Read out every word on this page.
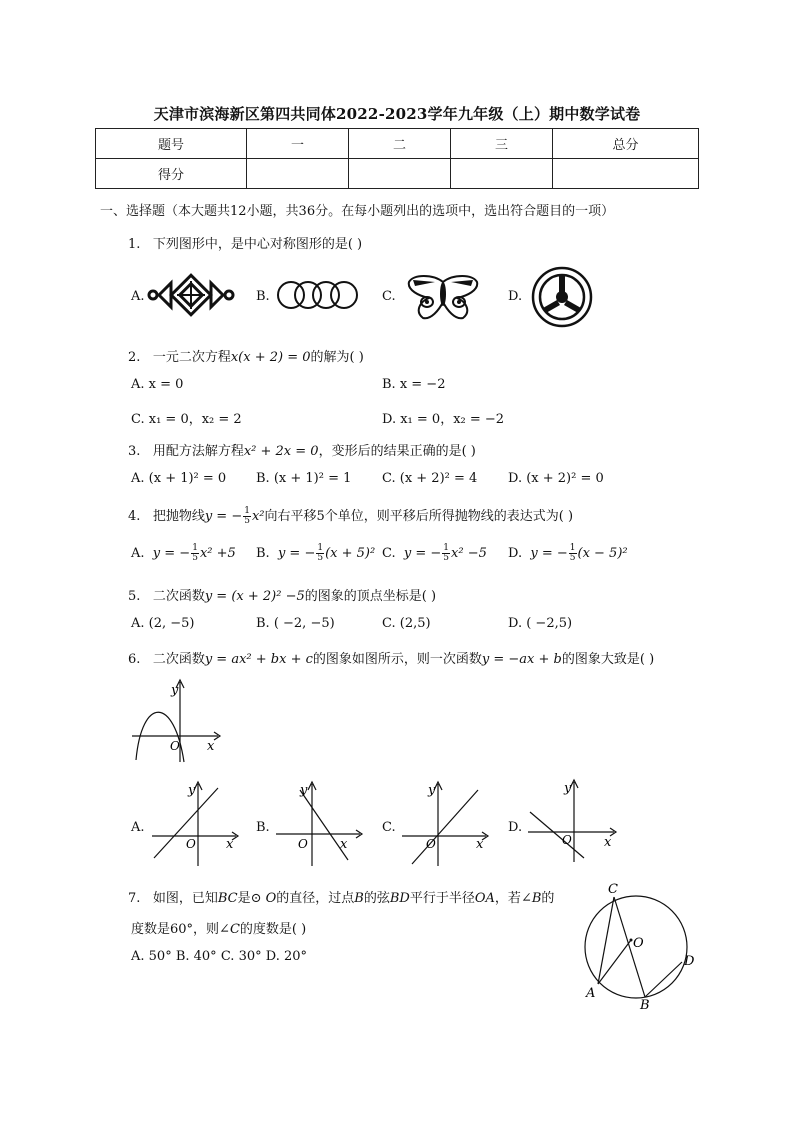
天津市滨海新区第四共同体2022-2023学年九年级（上）期中数学试卷
题号	一	二	三	总分
得分				
一、选择题（本大题共12小题，共36分。在每小题列出的选项中，选出符合题目的一项）
1. 下列图形中，是中心对称图形的是( )
A.	B.	C.	D.
2. 一元二次方程x(x + 2) = 0的解为( )
A. x = 0	B. x = −2
C. x₁ = 0，x₂ = 2	D. x₁ = 0，x₂ = −2
3. 用配方法解方程x² + 2x = 0，变形后的结果正确的是( )
A. (x + 1)² = 0 B. (x + 1)² = 1 C. (x + 2)² = 4 D. (x + 2)² = 0
4. 把抛物线y = − $\frac{1}{5} x^2$向右平移5个单位，则平移后所得抛物线的表达式为( )
A. y = − $\frac{1}{5} x^2 +5$ B. y = − $\frac{1}{5} (x + 5)^2$ C. y = − $\frac{1}{5} x^2 -5$ D. y = − $\frac{1}{5} (x - 5)^2$
5. 二次函数y = (x + 2)² −5的图象的顶点坐标是( )
A. (2, −5)	B. ( −2, −5)	C. (2,5)	D. ( −2,5)
6. 二次函数y = ax² + bx + c的图象如图所示，则一次函数y = −ax + b的图象大致是( )
y
x
O
A.
y
x
O
B.
y
x
O
C.
y
x
O
D.
y
x
O
7. 如图，已知BC是⊙ O的直径，过点B的弦BD平行于半径OA，若∠B的
度数是60°，则∠C的度数是( )
A. 50° B. 40° C. 30° D. 20°
C
O
D
A
B
